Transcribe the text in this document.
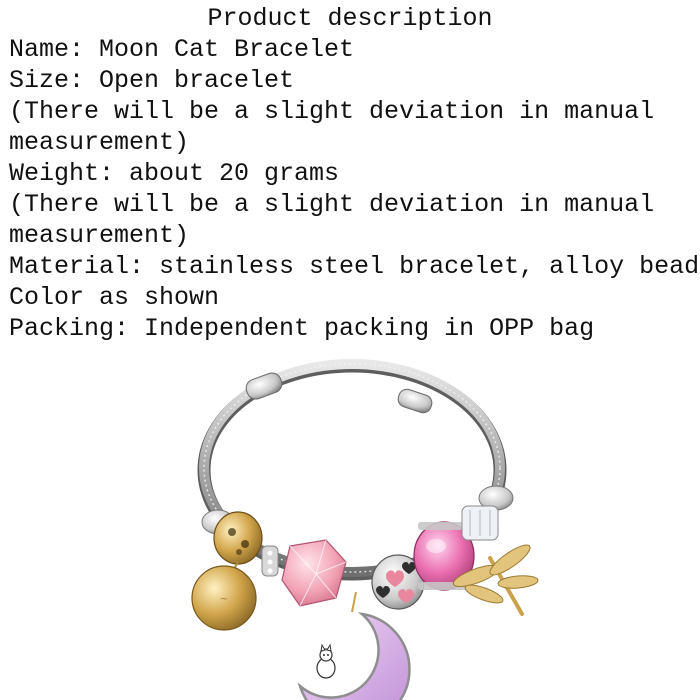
Product description
Name: Moon Cat Bracelet
Size: Open bracelet
(There will be a slight deviation in manual
measurement)
Weight: about 20 grams
(There will be a slight deviation in manual
measurement)
Material: stainless steel bracelet, alloy bead
Color as shown
Packing: Independent packing in OPP bag
~
